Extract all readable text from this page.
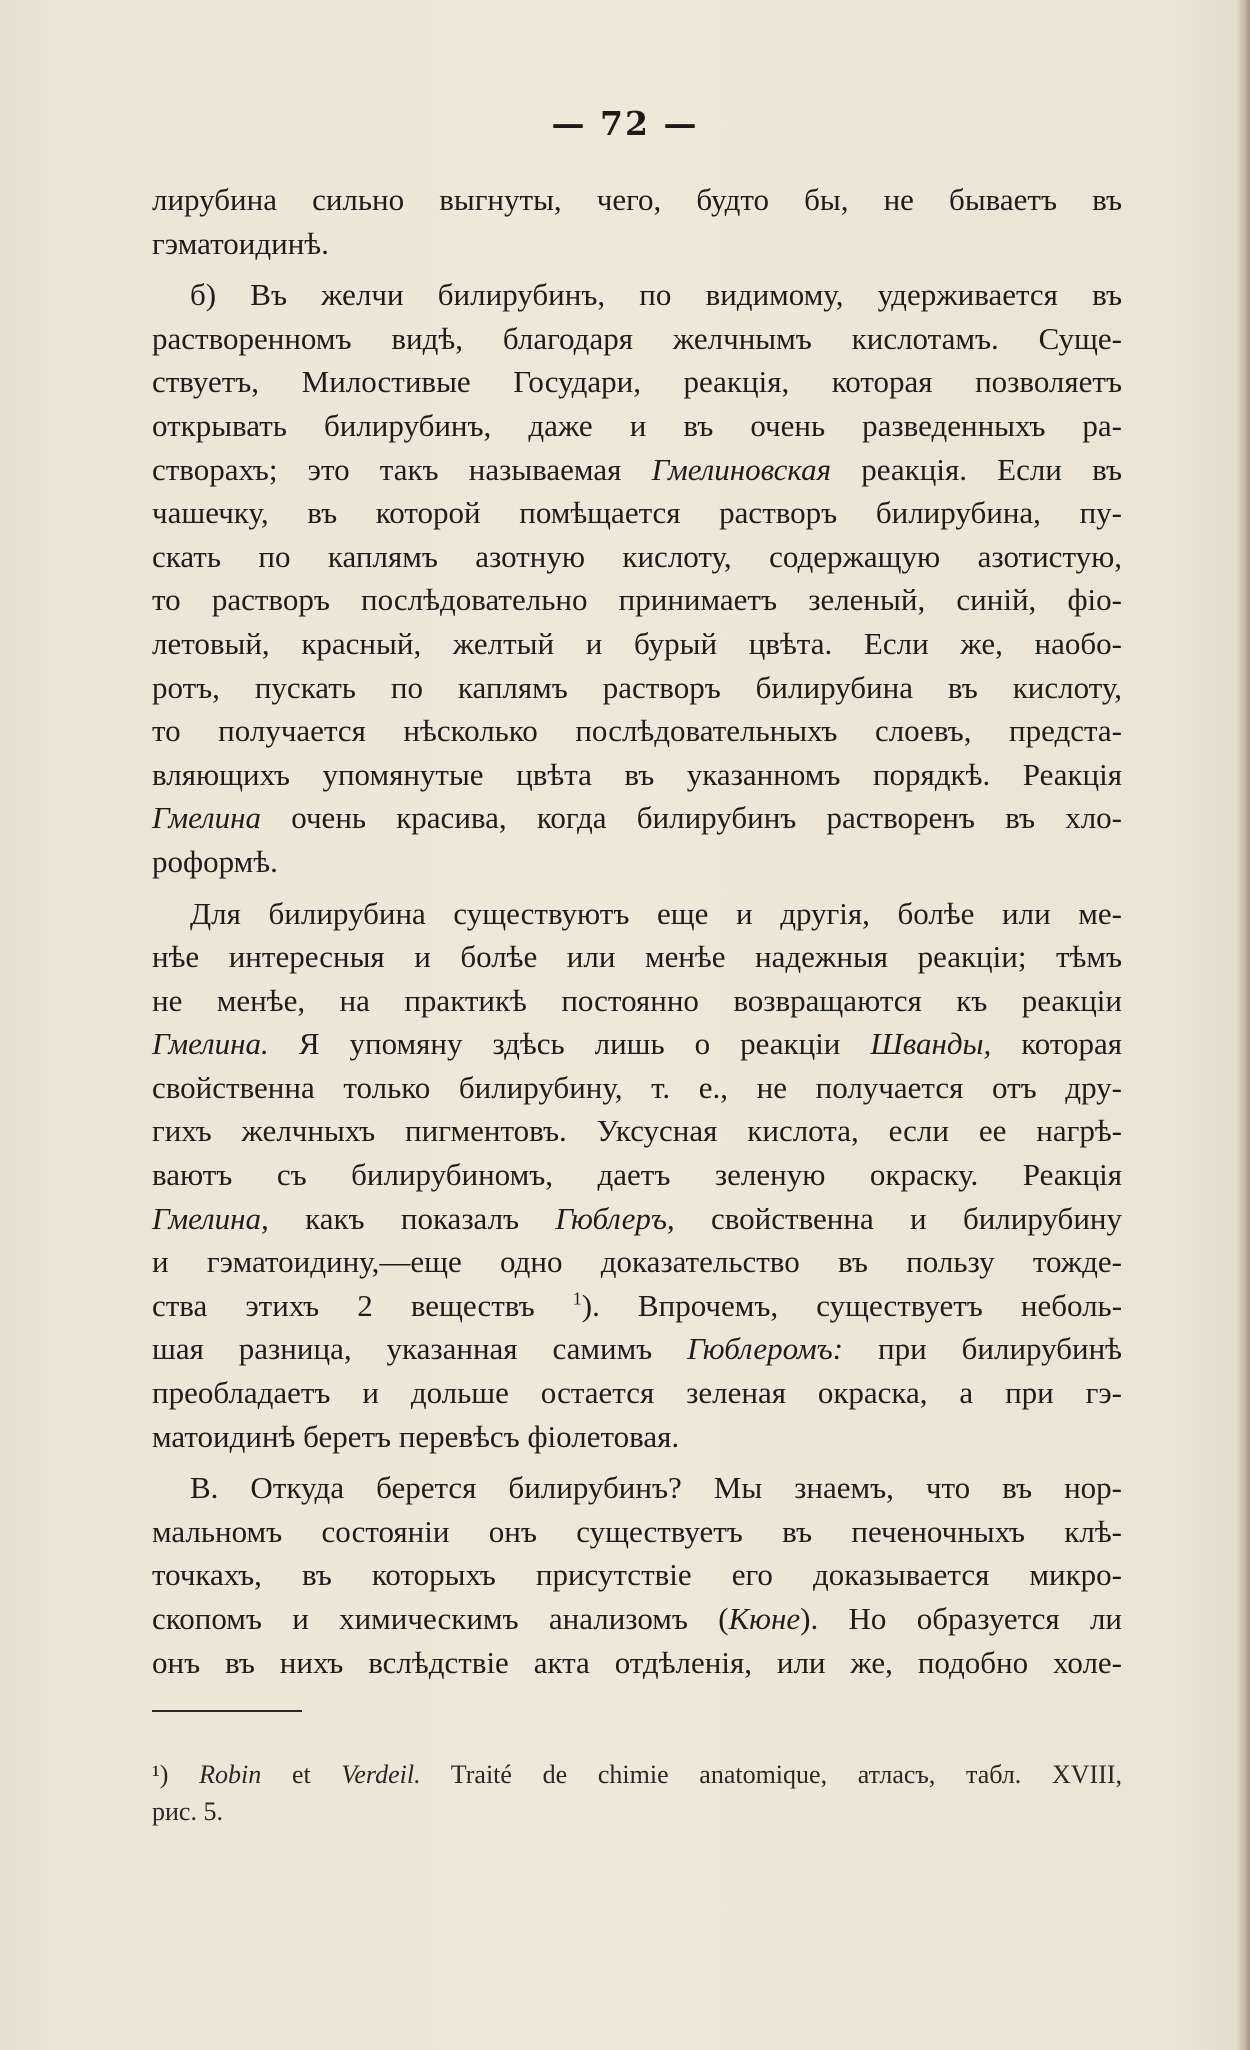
— 72 —

лирубина сильно выгнуты, чего, будто бы, не бываетъ въ

гэматоидинѣ.

б) Въ желчи билирубинъ, по видимому, удерживается въ

растворенномъ видѣ, благодаря желчнымъ кислотамъ. Суще-

ствуетъ, Милостивые Государи, реакція, которая позволяетъ

открывать билирубинъ, даже и въ очень разведенныхъ ра-

створахъ; это такъ называемая Гмелиновская реакція. Если въ

чашечку, въ которой помѣщается растворъ билирубина, пу-

скать по каплямъ азотную кислоту, содержащую азотистую,

то растворъ послѣдовательно принимаетъ зеленый, синій, фіо-

летовый, красный, желтый и бурый цвѣта. Если же, наобо-

ротъ, пускать по каплямъ растворъ билирубина въ кислоту,

то получается нѣсколько послѣдовательныхъ слоевъ, предста-

вляющихъ упомянутые цвѣта въ указанномъ порядкѣ. Реакція

Гмелина очень красива, когда билирубинъ растворенъ въ хло-

роформѣ.

Для билирубина существуютъ еще и другія, болѣе или ме-

нѣе интересныя и болѣе или менѣе надежныя реакціи; тѣмъ

не менѣе, на практикѣ постоянно возвращаются къ реакціи

Гмелина. Я упомяну здѣсь лишь о реакціи Шванды, которая

свойственна только билирубину, т. е., не получается отъ дру-

гихъ желчныхъ пигментовъ. Уксусная кислота, если ее нагрѣ-

ваютъ съ билирубиномъ, даетъ зеленую окраску. Реакція

Гмелина, какъ показалъ Гюблеръ, свойственна и билирубину

и гэматоидину,—еще одно доказательство въ пользу тожде-

ства этихъ 2 веществъ $^1$). Впрочемъ, существуетъ неболь-

шая разница, указанная самимъ Гюблеромъ: при билирубинѣ

преобладаетъ и дольше остается зеленая окраска, а при гэ-

матоидинѣ беретъ перевѣсъ фіолетовая.

В. Откуда берется билирубинъ? Мы знаемъ, что въ нор-

мальномъ состояніи онъ существуетъ въ печеночныхъ клѣ-

точкахъ, въ которыхъ присутствіе его доказывается микро-

скопомъ и химическимъ анализомъ (Кюне). Но образуется ли

онъ въ нихъ вслѣдствіе акта отдѣленія, или же, подобно холе-

¹) Robin et Verdeil. Traité de chimie anatomique, атласъ, табл. XVIII,

рис. 5.
